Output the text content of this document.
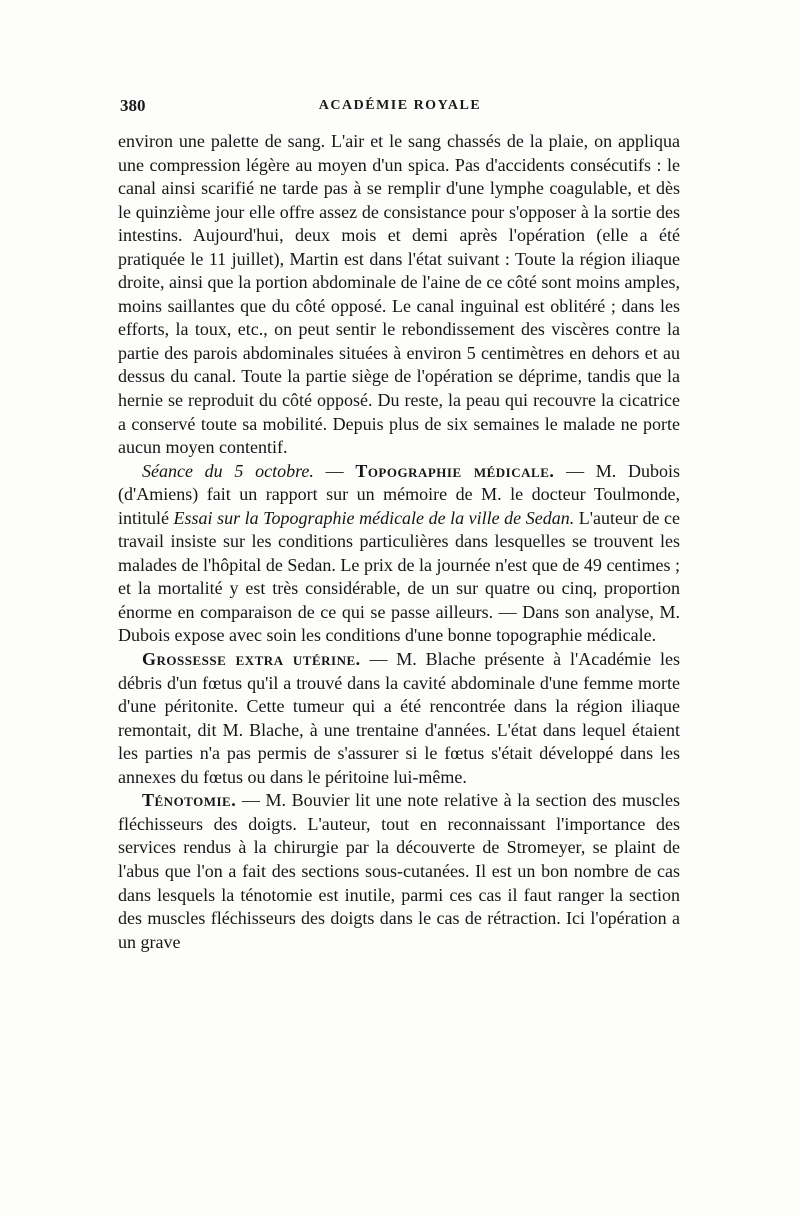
380	ACADÉMIE ROYALE

environ une palette de sang. L'air et le sang chassés de la plaie, on appliqua une compression légère au moyen d'un spica. Pas d'accidents consécutifs : le canal ainsi scarifié ne tarde pas à se remplir d'une lymphe coagulable, et dès le quinzième jour elle offre assez de consistance pour s'opposer à la sortie des intestins. Aujourd'hui, deux mois et demi après l'opération (elle a été pratiquée le 11 juillet), Martin est dans l'état suivant : Toute la région iliaque droite, ainsi que la portion abdominale de l'aine de ce côté sont moins amples, moins saillantes que du côté opposé. Le canal inguinal est oblitéré ; dans les efforts, la toux, etc., on peut sentir le rebondissement des viscères contre la partie des parois abdominales situées à environ 5 centimètres en dehors et au dessus du canal. Toute la partie siège de l'opération se déprime, tandis que la hernie se reproduit du côté opposé. Du reste, la peau qui recouvre la cicatrice a conservé toute sa mobilité. Depuis plus de six semaines le malade ne porte aucun moyen contentif.

Séance du 5 octobre. — Topographie médicale. — M. Dubois (d'Amiens) fait un rapport sur un mémoire de M. le docteur Toulmonde, intitulé Essai sur la Topographie médicale de la ville de Sedan. L'auteur de ce travail insiste sur les conditions particulières dans lesquelles se trouvent les malades de l'hôpital de Sedan. Le prix de la journée n'est que de 49 centimes ; et la mortalité y est très considérable, de un sur quatre ou cinq, proportion énorme en comparaison de ce qui se passe ailleurs. — Dans son analyse, M. Dubois expose avec soin les conditions d'une bonne topographie médicale.

Grossesse extra utérine. — M. Blache présente à l'Académie les débris d'un fœtus qu'il a trouvé dans la cavité abdominale d'une femme morte d'une péritonite. Cette tumeur qui a été rencontrée dans la région iliaque remontait, dit M. Blache, à une trentaine d'années. L'état dans lequel étaient les parties n'a pas permis de s'assurer si le fœtus s'était développé dans les annexes du fœtus ou dans le péritoine lui-même.

Ténotomie. — M. Bouvier lit une note relative à la section des muscles fléchisseurs des doigts. L'auteur, tout en reconnaissant l'importance des services rendus à la chirurgie par la découverte de Stromeyer, se plaint de l'abus que l'on a fait des sections sous-cutanées. Il est un bon nombre de cas dans lesquels la ténotomie est inutile, parmi ces cas il faut ranger la section des muscles fléchisseurs des doigts dans le cas de rétraction. Ici l'opération a un grave
